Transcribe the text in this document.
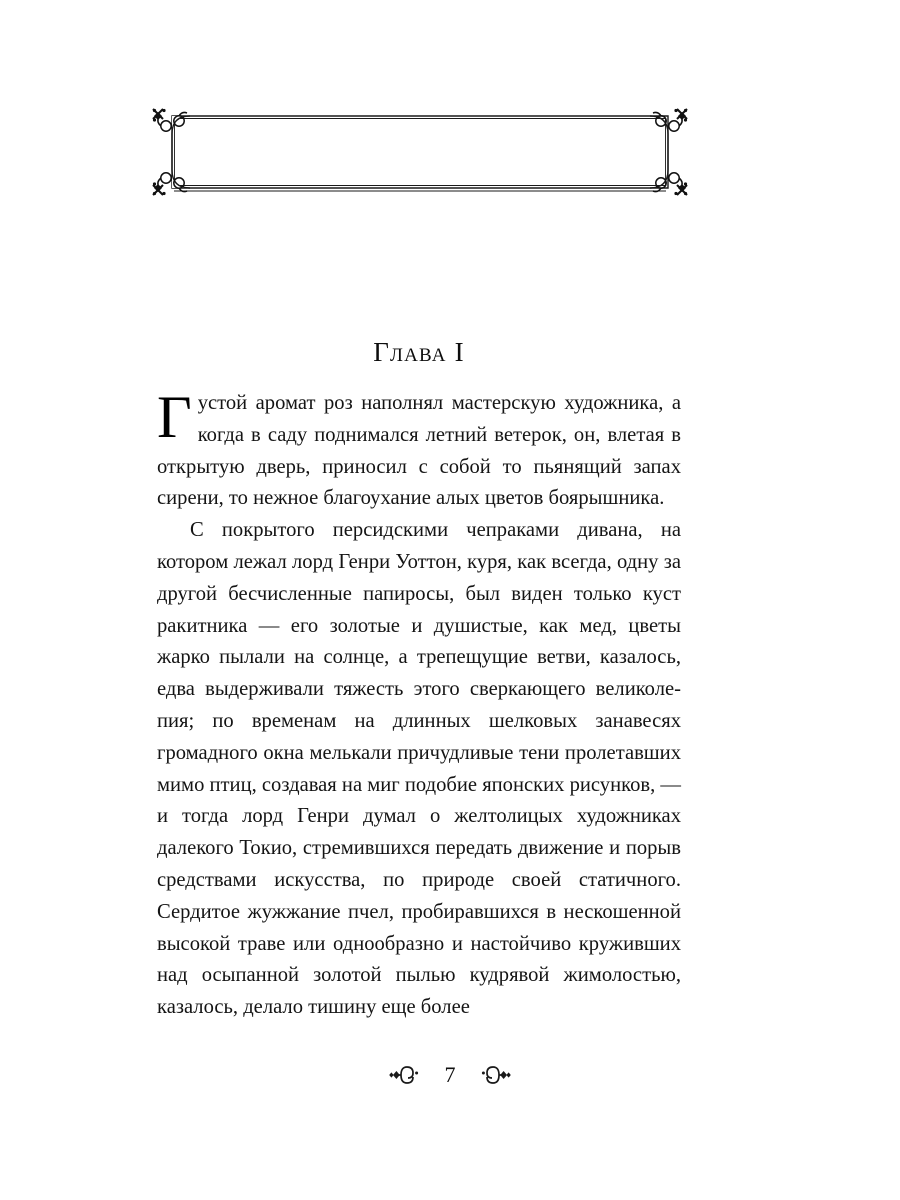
Глава I

Густой аромат роз наполнял мастерскую художника, а когда в саду поднимался летний ветерок, он, влетая в открытую дверь, приносил с собой то пьянящий запах сирени, то нежное благоухание алых цветов боярышника.

С покрытого персидскими чепраками дивана, на котором лежал лорд Генри Уоттон, куря, как всегда, одну за другой бесчисленные папиросы, был виден только куст ракитника — его золотые и душистые, как мед, цветы жарко пылали на солнце, а трепещущие ветви, казалось, едва выдерживали тяжесть этого сверкающего великолепия; по временам на длинных шелковых занавесях громадного окна мелькали причудливые тени пролетавших мимо птиц, создавая на миг подобие японских рисунков, — и тогда лорд Генри думал о желтолицых художниках далекого Токио, стремившихся передать движение и порыв средствами искусства, по природе своей статичного. Сердитое жужжание пчел, пробиравшихся в нескошенной высокой траве или однообразно и настойчиво круживших над осыпанной золотой пылью кудрявой жимолостью, казалось, делало тишину еще более

7
